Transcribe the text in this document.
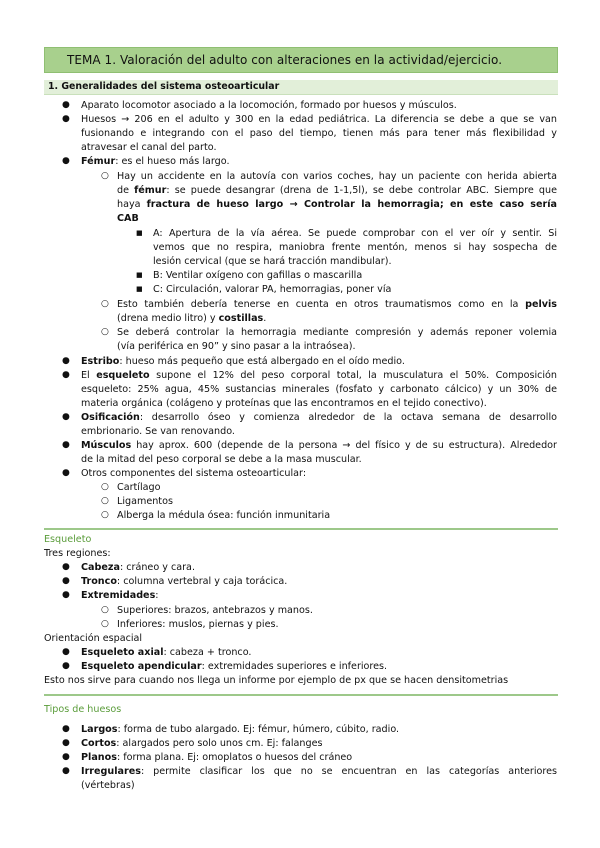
TEMA 1. Valoración del adulto con alteraciones en la actividad/ejercicio.
1. Generalidades del sistema osteoarticular
● Aparato locomotor asociado a la locomoción, formado por huesos y músculos.
● Huesos → 206 en el adulto y 300 en la edad pediátrica. La diferencia se debe a que se van
fusionando e integrando con el paso del tiempo, tienen más para tener más flexibilidad y
atravesar el canal del parto.
● Fémur: es el hueso más largo.
○ Hay un accidente en la autovía con varios coches, hay un paciente con herida abierta
de fémur: se puede desangrar (drena de 1-1,5l), se debe controlar ABC. Siempre que
haya fractura de hueso largo → Controlar la hemorragia; en este caso sería
CAB
■ A: Apertura de la vía aérea. Se puede comprobar con el ver oír y sentir. Si
vemos que no respira, maniobra frente mentón, menos si hay sospecha de
lesión cervical (que se hará tracción mandibular).
■ B: Ventilar oxígeno con gafillas o mascarilla
■ C: Circulación, valorar PA, hemorragias, poner vía
○ Esto también debería tenerse en cuenta en otros traumatismos como en la pelvis
(drena medio litro) y costillas.
○ Se deberá controlar la hemorragia mediante compresión y además reponer volemia
(vía periférica en 90” y sino pasar a la intraósea).
● Estribo: hueso más pequeño que está albergado en el oído medio.
● El esqueleto supone el 12% del peso corporal total, la musculatura el 50%. Composición
esqueleto: 25% agua, 45% sustancias minerales (fosfato y carbonato cálcico) y un 30% de
materia orgánica (colágeno y proteínas que las encontramos en el tejido conectivo).
● Osificación: desarrollo óseo y comienza alrededor de la octava semana de desarrollo
embrionario. Se van renovando.
● Músculos hay aprox. 600 (depende de la persona → del físico y de su estructura). Alrededor
de la mitad del peso corporal se debe a la masa muscular.
● Otros componentes del sistema osteoarticular:
○ Cartílago
○ Ligamentos
○ Alberga la médula ósea: función inmunitaria
Esqueleto
Tres regiones:
● Cabeza: cráneo y cara.
● Tronco: columna vertebral y caja torácica.
● Extremidades:
○ Superiores: brazos, antebrazos y manos.
○ Inferiores: muslos, piernas y pies.
Orientación espacial
● Esqueleto axial: cabeza + tronco.
● Esqueleto apendicular: extremidades superiores e inferiores.
Esto nos sirve para cuando nos llega un informe por ejemplo de px que se hacen densitometrias
Tipos de huesos
● Largos: forma de tubo alargado. Ej: fémur, húmero, cúbito, radio.
● Cortos: alargados pero solo unos cm. Ej: falanges
● Planos: forma plana. Ej: omoplatos o huesos del cráneo
● Irregulares: permite clasificar los que no se encuentran en las categorías anteriores
(vértebras)
